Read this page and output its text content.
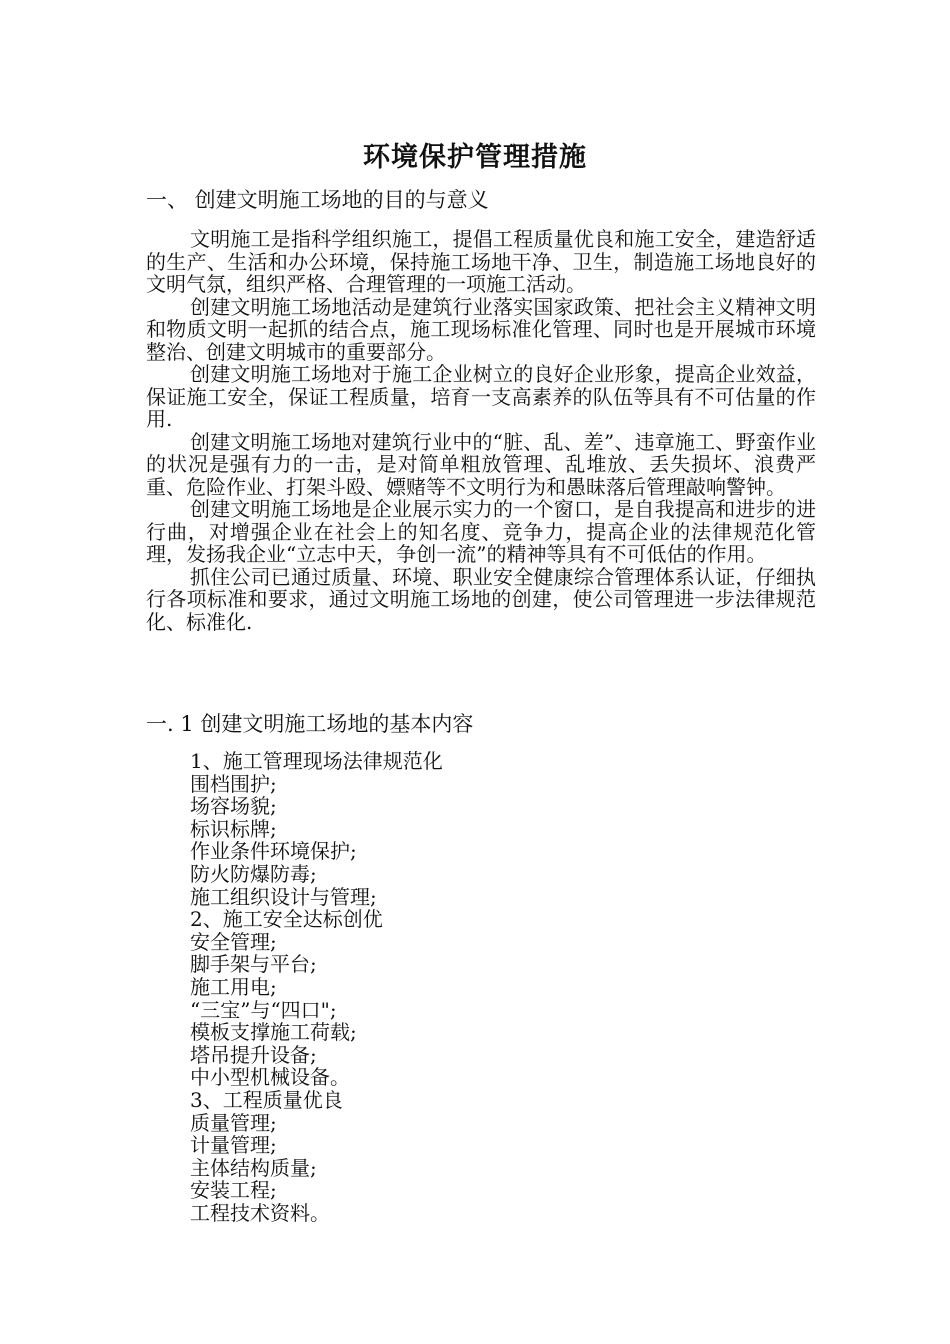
环境保护管理措施
一、 创建文明施工场地的目的与意义

文明施工是指科学组织施工，提倡工程质量优良和施工安全，建造舒适的生产、生活和办公环境，保持施工场地干净、卫生，制造施工场地良好的文明气氛，组织严格、合理管理的一项施工活动。

创建文明施工场地活动是建筑行业落实国家政策、把社会主义精神文明和物质文明一起抓的结合点，施工现场标准化管理、同时也是开展城市环境整治、创建文明城市的重要部分。

创建文明施工场地对于施工企业树立的良好企业形象，提高企业效益，保证施工安全，保证工程质量，培育一支高素养的队伍等具有不可估量的作用.

创建文明施工场地对建筑行业中的“脏、乱、差”、违章施工、野蛮作业的状况是强有力的一击，是对简单粗放管理、乱堆放、丢失损坏、浪费严重、危险作业、打架斗殴、嫖赌等不文明行为和愚昧落后管理敲响警钟。

创建文明施工场地是企业展示实力的一个窗口，是自我提高和进步的进行曲，对增强企业在社会上的知名度、竞争力，提高企业的法律规范化管理，发扬我企业“立志中天，争创一流”的精神等具有不可低估的作用。

抓住公司已通过质量、环境、职业安全健康综合管理体系认证，仔细执行各项标准和要求，通过文明施工场地的创建，使公司管理进一步法律规范化、标准化.

一. 1 创建文明施工场地的基本内容
1、施工管理现场法律规范化
围档围护;
场容场貌;
标识标牌;
作业条件环境保护;
防火防爆防毒;
施工组织设计与管理;
2、施工安全达标创优
安全管理;
脚手架与平台;
施工用电;
“三宝”与“四口";
模板支撑施工荷载;
塔吊提升设备;
中小型机械设备。
3、工程质量优良
质量管理;
计量管理;
主体结构质量;
安装工程;
工程技术资料。
